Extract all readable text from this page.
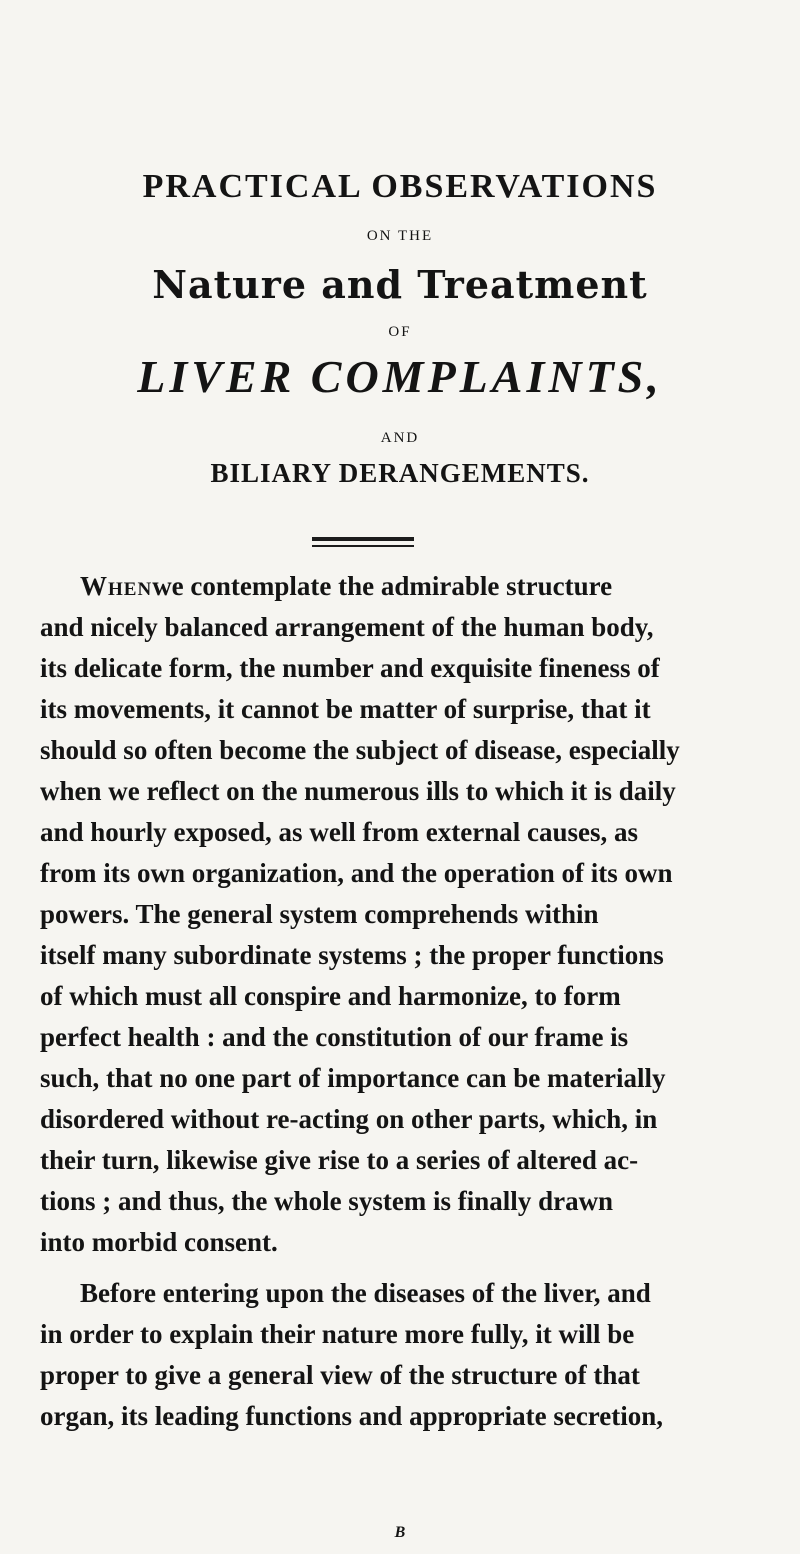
PRACTICAL OBSERVATIONS
ON THE
Nature and Treatment
OF
LIVER COMPLAINTS,
AND
BILIARY DERANGEMENTS.
Whenwe contemplate the admirable structure
and nicely balanced arrangement of the human body,
its delicate form, the number and exquisite fineness of
its movements, it cannot be matter of surprise, that it
should so often become the subject of disease, especially
when we reflect on the numerous ills to which it is daily
and hourly exposed, as well from external causes, as
from its own organization, and the operation of its own
powers. The general system comprehends within
itself many subordinate systems ; the proper functions
of which must all conspire and harmonize, to form
perfect health : and the constitution of our frame is
such, that no one part of importance can be materially
disordered without re-acting on other parts, which, in
their turn, likewise give rise to a series of altered ac-
tions ; and thus, the whole system is finally drawn
into morbid consent.
Before entering upon the diseases of the liver, and
in order to explain their nature more fully, it will be
proper to give a general view of the structure of that
organ, its leading functions and appropriate secretion,
B
